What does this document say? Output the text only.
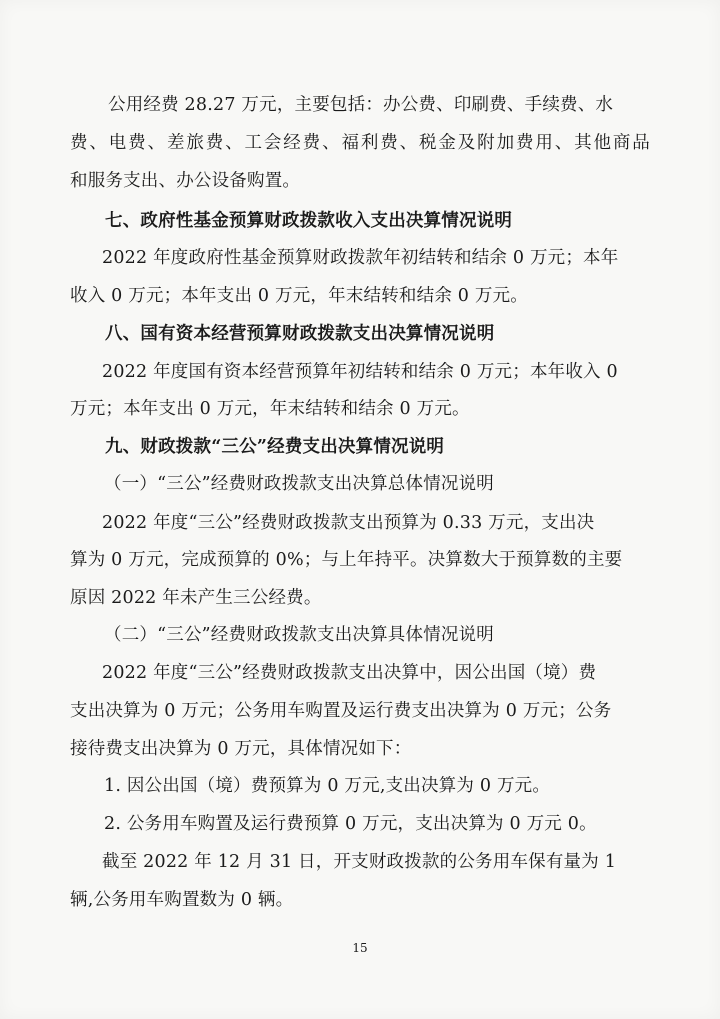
公用经费 28.27 万元，主要包括：办公费、印刷费、手续费、水
费、电费、差旅费、工会经费、福利费、税金及附加费用、其他商品
和服务支出、办公设备购置。
七、政府性基金预算财政拨款收入支出决算情况说明
2022 年度政府性基金预算财政拨款年初结转和结余 0 万元；本年
收入 0 万元；本年支出 0 万元，年末结转和结余 0 万元。
八、国有资本经营预算财政拨款支出决算情况说明
2022 年度国有资本经营预算年初结转和结余 0 万元；本年收入 0
万元；本年支出 0 万元，年末结转和结余 0 万元。
九、财政拨款“三公”经费支出决算情况说明
（一）“三公”经费财政拨款支出决算总体情况说明
2022 年度“三公”经费财政拨款支出预算为 0.33 万元，支出决
算为 0 万元，完成预算的 0%；与上年持平。决算数大于预算数的主要
原因 2022 年未产生三公经费。
（二）“三公”经费财政拨款支出决算具体情况说明
2022 年度“三公”经费财政拨款支出决算中，因公出国（境）费
支出决算为 0 万元；公务用车购置及运行费支出决算为 0 万元；公务
接待费支出决算为 0 万元，具体情况如下：
1. 因公出国（境）费预算为 0 万元,支出决算为 0 万元。
2. 公务用车购置及运行费预算 0 万元，支出决算为 0 万元 0。
截至 2022 年 12 月 31 日，开支财政拨款的公务用车保有量为 1
辆,公务用车购置数为 0 辆。
15
